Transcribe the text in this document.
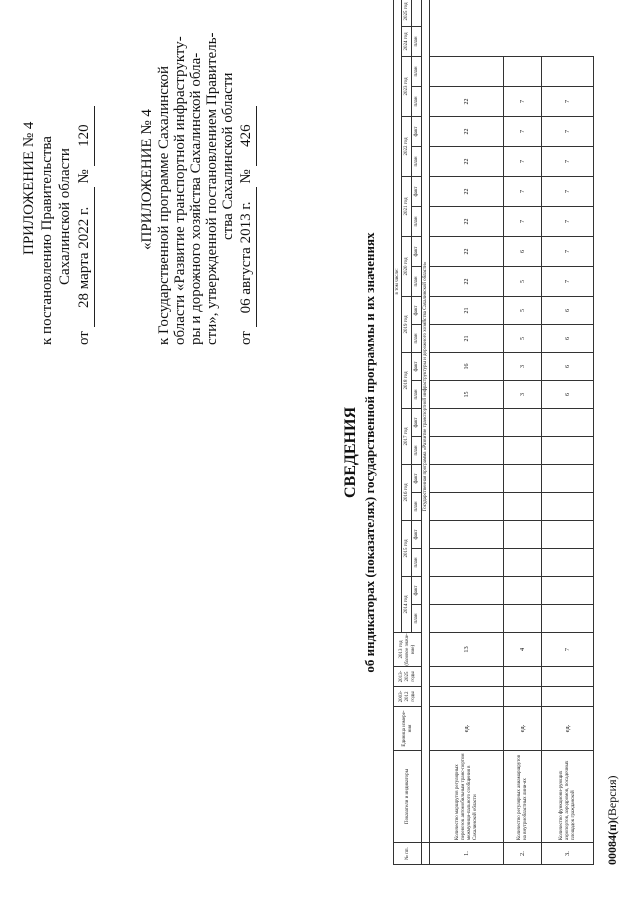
ПРИЛОЖЕНИЕ № 4 к постановлению Правительства Сахалинской области
от 28 марта 2022 г. № 120	«ПРИЛОЖЕНИЕ № 4 к Государственной программе Сахалинской области «Развитие транспортной инфраструкту- ры и дорожного хозяйства Сахалинской обла- сти», утвержденной постановлением Правитель- ства Сахалинской области
от 06 августа 2013 г. № 426
СВЕДЕНИЯ об индикаторах (показателях) государственной программы и их значениях
№ пп.	Показатели и индикаторы	Единица измере-ния	2003-2012 годы	2013-2025 годы	2013 год (базовое значе-ние)	в том числе:																						
						2014 год		2015 год		2016 год		2017 год		2018 год		2019 год		2020 год		2021 год		2022 год		2023 год		2024 год	2025 год	
						план	факт	план	факт	план	факт	план	факт	план	факт	план	факт	план	факт	план	факт	план	факт	план	план	план		
	Государственная программа «Развитие транспортной инфраструктуры и дорожного хозяйства Сахалинской области»																											
1.	Количество маршрутов регулярных перевозок автомобильным транс-портом межмуници-пального сообщения в Сахалинской области	ед.			13									15	16	21	21	22	22	22	22	22	22	22				
2.	Количество регулярных авиамаршрутов на внутриобластных лини-ях	ед.			4									3	3	5	5	5	6	7	7	7	7	7				
3.	Количество функциони-рующих аэропортов, аэродромов, посадочных площадок гражданской	ед.			7									6	6	6	6	7	7	7	7	7	7	7				
00084(п)(Версия)
